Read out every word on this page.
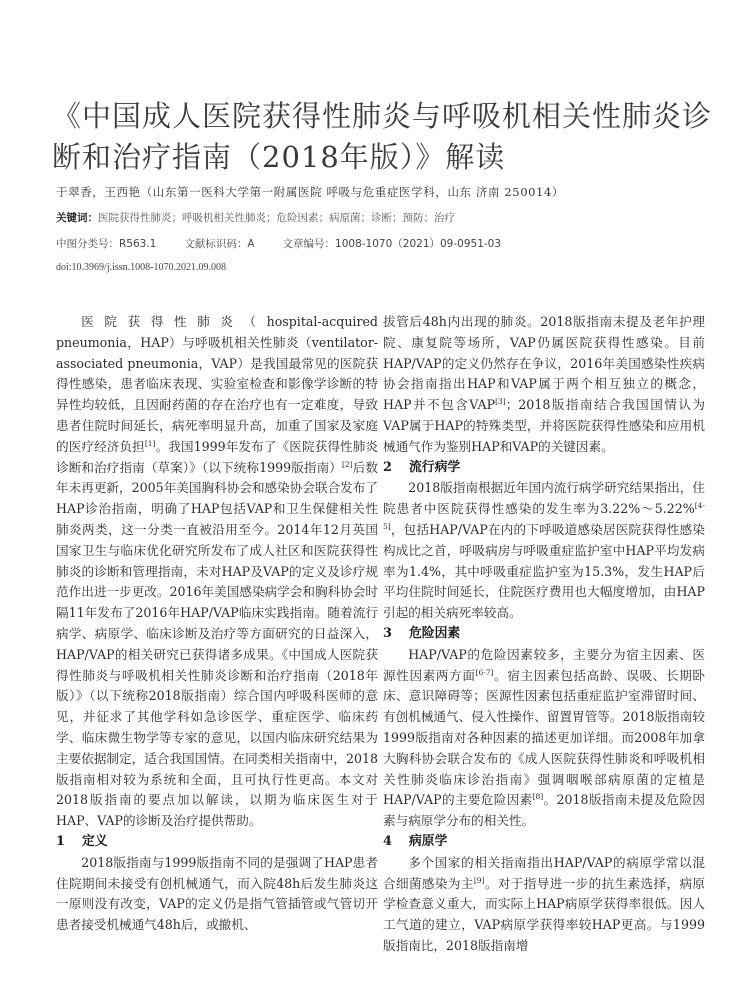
《中国成人医院获得性肺炎与呼吸机相关性肺炎诊断和治疗指南（2018年版）》解读
于翠香，王西艳（山东第一医科大学第一附属医院 呼吸与危重症医学科，山东 济南 250014）
关键词：医院获得性肺炎；呼吸机相关性肺炎；危险因素；病原菌；诊断；预防；治疗
中图分类号：R563.1	文献标识码：A	文章编号：1008-1070（2021）09-0951-03
doi:10.3969/j.issn.1008-1070.2021.09.008

医院获得性肺炎（hospital-acquired pneumonia，HAP）与呼吸机相关性肺炎（ventilator-associated pneumonia，VAP）是我国最常见的医院获得性感染，患者临床表现、实验室检查和影像学诊断的特异性均较低，且因耐药菌的存在治疗也有一定难度，导致患者住院时间延长，病死率明显升高，加重了国家及家庭的医疗经济负担[1]。我国1999年发布了《医院获得性肺炎诊断和治疗指南（草案）》（以下统称1999版指南）[2]后数年未再更新，2005年美国胸科协会和感染协会联合发布了HAP诊治指南，明确了HAP包括VAP和卫生保健相关性肺炎两类，这一分类一直被沿用至今。2014年12月英国国家卫生与临床优化研究所发布了成人社区和医院获得性肺炎的诊断和管理指南，未对HAP及VAP的定义及诊疗规范作出进一步更改。2016年美国感染病学会和胸科协会时隔11年发布了2016年HAP/VAP临床实践指南。随着流行病学、病原学、临床诊断及治疗等方面研究的日益深入，HAP/VAP的相关研究已获得诸多成果。《中国成人医院获得性肺炎与呼吸机相关性肺炎诊断和治疗指南（2018年版）》（以下统称2018版指南）综合国内呼吸科医师的意见，并征求了其他学科如急诊医学、重症医学、临床药学、临床微生物学等专家的意见，以国内临床研究结果为主要依据制定，适合我国国情。在同类相关指南中，2018版指南相对较为系统和全面，且可执行性更高。本文对2018版指南的要点加以解读，以期为临床医生对于HAP、VAP的诊断及治疗提供帮助。

1 定义

2018版指南与1999版指南不同的是强调了HAP患者住院期间未接受有创机械通气，而入院48h后发生肺炎这一原则没有改变，VAP的定义仍是指气管插管或气管切开患者接受机械通气48h后，或撤机、

拔管后48h内出现的肺炎。2018版指南未提及老年护理院、康复院等场所，VAP仍属医院获得性感染。目前HAP/VAP的定义仍然存在争议，2016年美国感染性疾病协会指南指出HAP和VAP属于两个相互独立的概念，HAP并不包含VAP[3]；2018版指南结合我国国情认为VAP属于HAP的特殊类型，并将医院获得性感染和应用机械通气作为鉴别HAP和VAP的关键因素。

2 流行病学

2018版指南根据近年国内流行病学研究结果指出，住院患者中医院获得性感染的发生率为3.22%～5.22%[4-5]，包括HAP/VAP在内的下呼吸道感染居医院获得性感染构成比之首，呼吸病房与呼吸重症监护室中HAP平均发病率为1.4%，其中呼吸重症监护室为15.3%，发生HAP后平均住院时间延长，住院医疗费用也大幅度增加，由HAP引起的相关病死率较高。

3 危险因素

HAP/VAP的危险因素较多，主要分为宿主因素、医源性因素两方面[6-7]。宿主因素包括高龄、误吸、长期卧床、意识障碍等；医源性因素包括重症监护室滞留时间、有创机械通气、侵入性操作、留置胃管等。2018版指南较1999版指南对各种因素的描述更加详细。而2008年加拿大胸科协会联合发布的《成人医院获得性肺炎和呼吸机相关性肺炎临床诊治指南》强调咽喉部病原菌的定植是HAP/VAP的主要危险因素[8]。2018版指南未提及危险因素与病原学分布的相关性。

4 病原学

多个国家的相关指南指出HAP/VAP的病原学常以混合细菌感染为主[9]。对于指导进一步的抗生素选择，病原学检查意义重大，而实际上HAP病原学获得率很低。因人工气道的建立，VAP病原学获得率较HAP更高。与1999版指南比，2018版指南增
